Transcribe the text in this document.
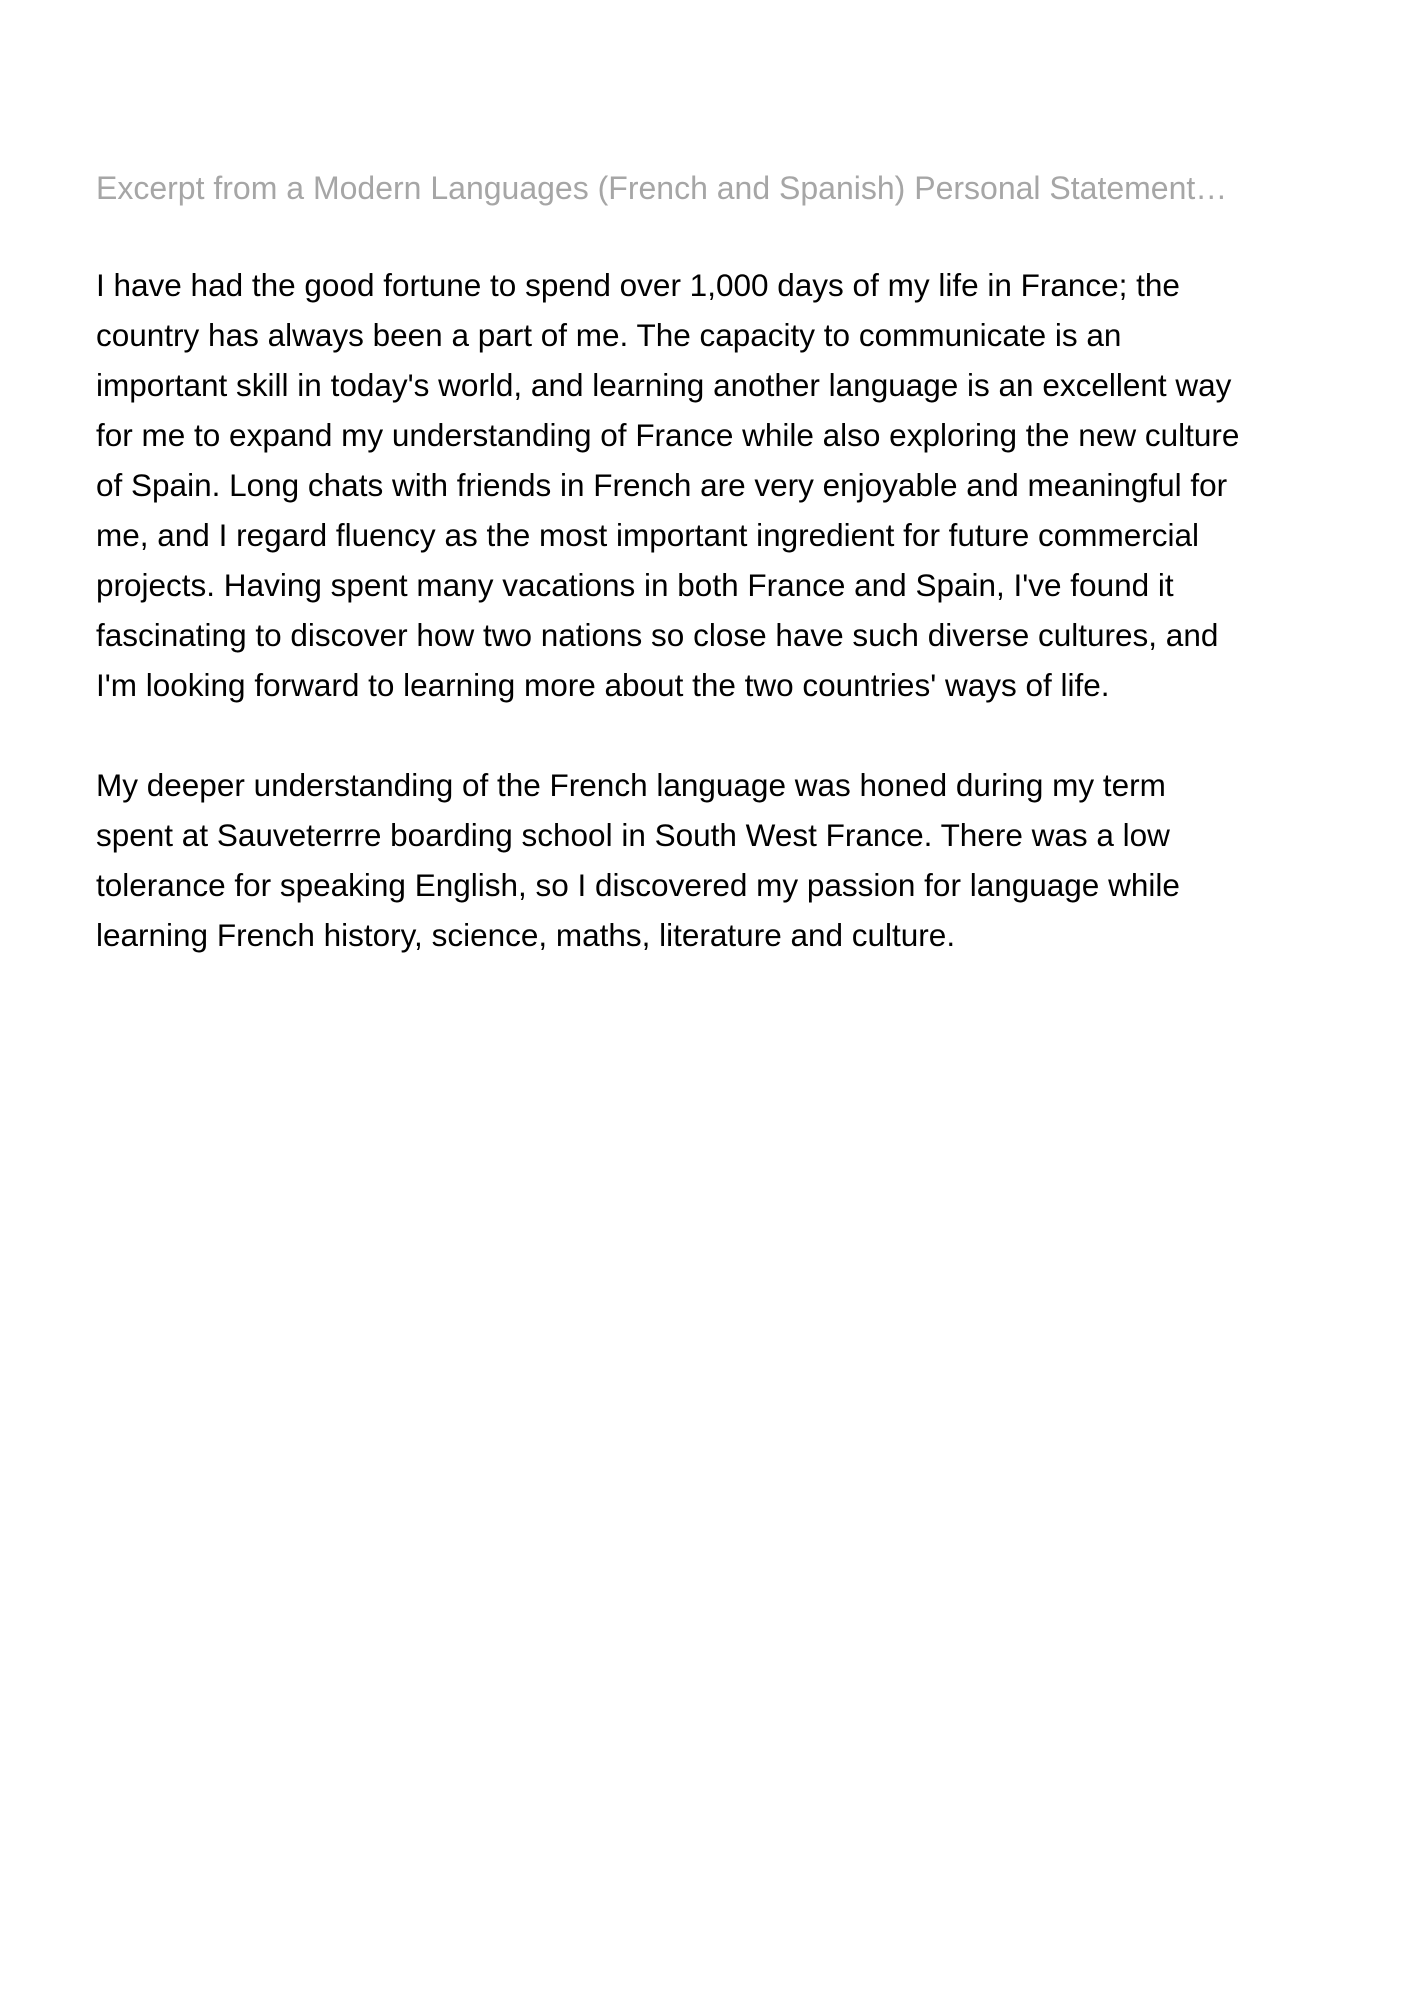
Excerpt from a Modern Languages (French and Spanish) Personal Statement…

I have had the good fortune to spend over 1,000 days of my life in France; the
country has always been a part of me. The capacity to communicate is an
important skill in today's world, and learning another language is an excellent way
for me to expand my understanding of France while also exploring the new culture
of Spain. Long chats with friends in French are very enjoyable and meaningful for
me, and I regard fluency as the most important ingredient for future commercial
projects. Having spent many vacations in both France and Spain, I've found it
fascinating to discover how two nations so close have such diverse cultures, and
I'm looking forward to learning more about the two countries' ways of life.

My deeper understanding of the French language was honed during my term
spent at Sauveterrre boarding school in South West France. There was a low
tolerance for speaking English, so I discovered my passion for language while
learning French history, science, maths, literature and culture.
